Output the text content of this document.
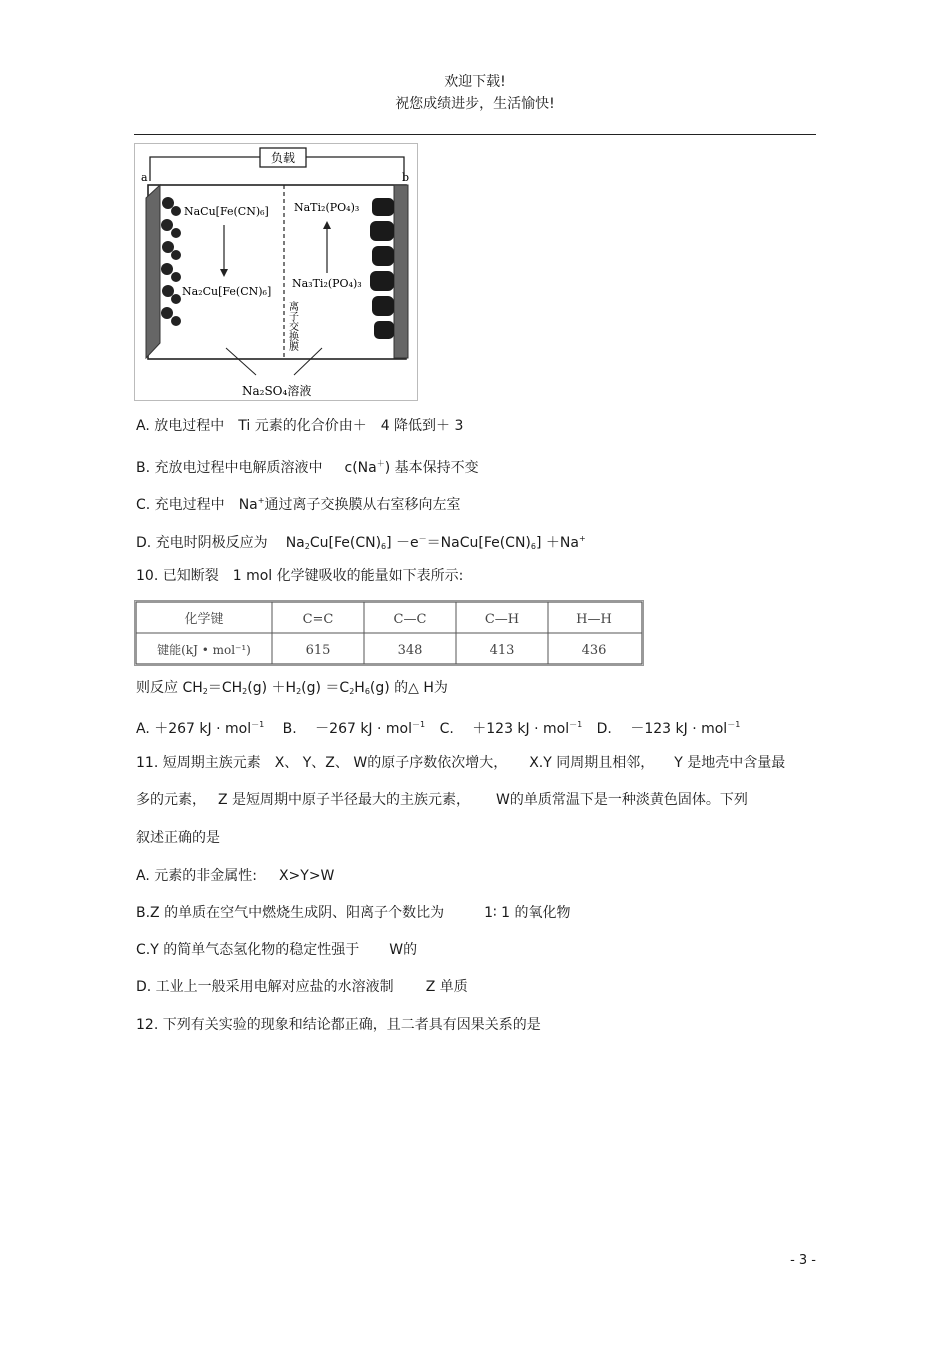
欢迎下载!
祝您成绩进步，生活愉快!
负载
a	b
NaCu[Fe(CN)₆]
Na₂Cu[Fe(CN)₆]
NaTi₂(PO₄)₃
Na₃Ti₂(PO₄)₃
离子交换膜
Na₂SO₄溶液
A. 放电过程中 Ti 元素的化合价由＋ 4 降低到＋ 3
B. 充放电过程中电解质溶液中 c(Na＋) 基本保持不变
C. 充电过程中 Na+通过离子交换膜从右室移向左室
D. 充电时阴极反应为 $Na_2Cu[Fe(CN)_6]$ $-e^-=NaCu[Fe(CN)_6] +Na^+$
10. 已知断裂 1 mol 化学键吸收的能量如下表所示:
化学键	C=C	C—C	C—H	H—H
键能(kJ • mol⁻¹)	615	348	413	436
则反应 $CH_2=CH_2(g) +H_2(g) =C_2H_6(g)$ 的△ H为
A. ＋267 kJ · mol$^{-1}$ B. －267 kJ · mol$^{-1}$ C. ＋123 kJ · mol$^{-1}$ D. －123 kJ · mol$^{-1}$
11. 短周期主族元素 X、 Y、Z、 W的原子序数依次增大， X.Y 同周期且相邻， Y 是地壳中含量最
多的元素， Z 是短周期中原子半径最大的主族元素， W的单质常温下是一种淡黄色固体。下列
叙述正确的是
A. 元素的非金属性: X>Y>W
B.Z 的单质在空气中燃烧生成阴、阳离子个数比为	1∶ 1 的氧化物
C.Y 的简单气态氢化物的稳定性强于 W的
D. 工业上一般采用电解对应盐的水溶液制 Z 单质
12. 下列有关实验的现象和结论都正确，且二者具有因果关系的是
- 3 -
